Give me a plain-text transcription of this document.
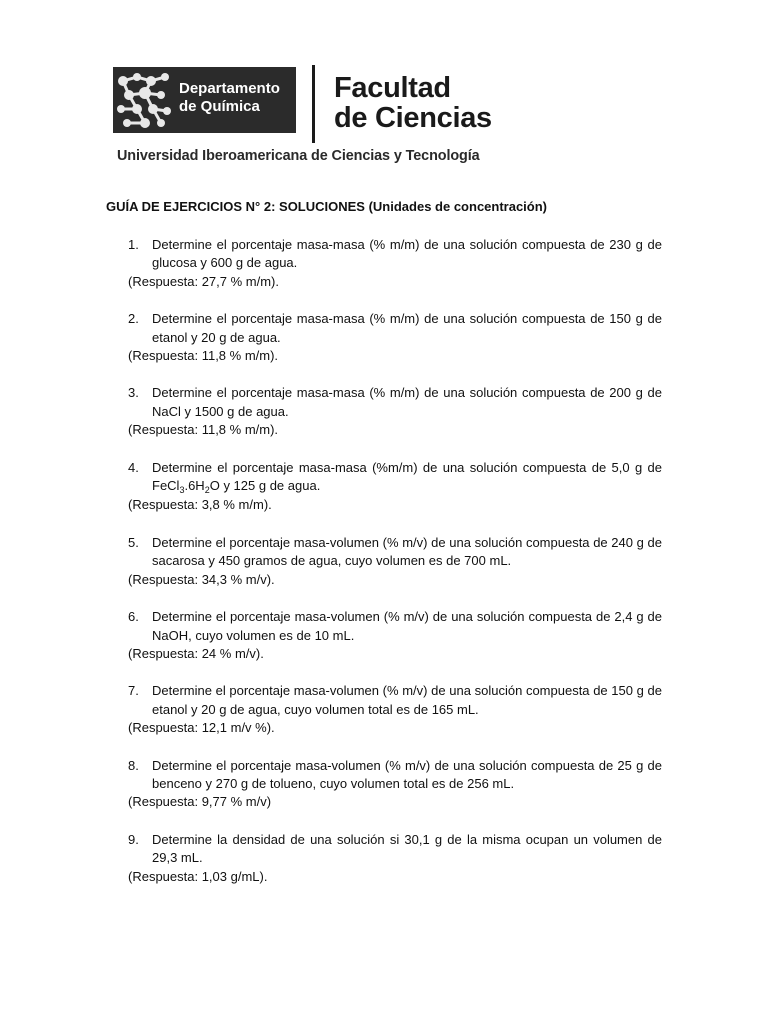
Departamento
de Química
Facultad
de Ciencias
Universidad Iberoamericana de Ciencias y Tecnología
GUÍA DE EJERCICIOS N° 2: SOLUCIONES (Unidades de concentración)
1. Determine el porcentaje masa-masa (% m/m) de una solución compuesta de 230 g de glucosa y 600 g de agua.
(Respuesta: 27,7 % m/m).
2. Determine el porcentaje masa-masa (% m/m) de una solución compuesta de 150 g de etanol y 20 g de agua.
(Respuesta: 11,8 % m/m).
3. Determine el porcentaje masa-masa (% m/m) de una solución compuesta de 200 g de NaCl y 1500 g de agua.
(Respuesta: 11,8 % m/m).
4. Determine el porcentaje masa-masa (%m/m) de una solución compuesta de 5,0 g de $FeCl_3.6H_2O$ y 125 g de agua.
(Respuesta: 3,8 % m/m).
5. Determine el porcentaje masa-volumen (% m/v) de una solución compuesta de 240 g de sacarosa y 450 gramos de agua, cuyo volumen es de 700 mL.
(Respuesta: 34,3 % m/v).
6. Determine el porcentaje masa-volumen (% m/v) de una solución compuesta de 2,4 g de NaOH, cuyo volumen es de 10 mL.
(Respuesta: 24 % m/v).
7. Determine el porcentaje masa-volumen (% m/v) de una solución compuesta de 150 g de etanol y 20 g de agua, cuyo volumen total es de 165 mL.
(Respuesta: 12,1 m/v %).
8. Determine el porcentaje masa-volumen (% m/v) de una solución compuesta de 25 g de benceno y 270 g de tolueno, cuyo volumen total es de 256 mL.
(Respuesta: 9,77 % m/v)
9. Determine la densidad de una solución si 30,1 g de la misma ocupan un volumen de 29,3 mL.
(Respuesta: 1,03 g/mL).
